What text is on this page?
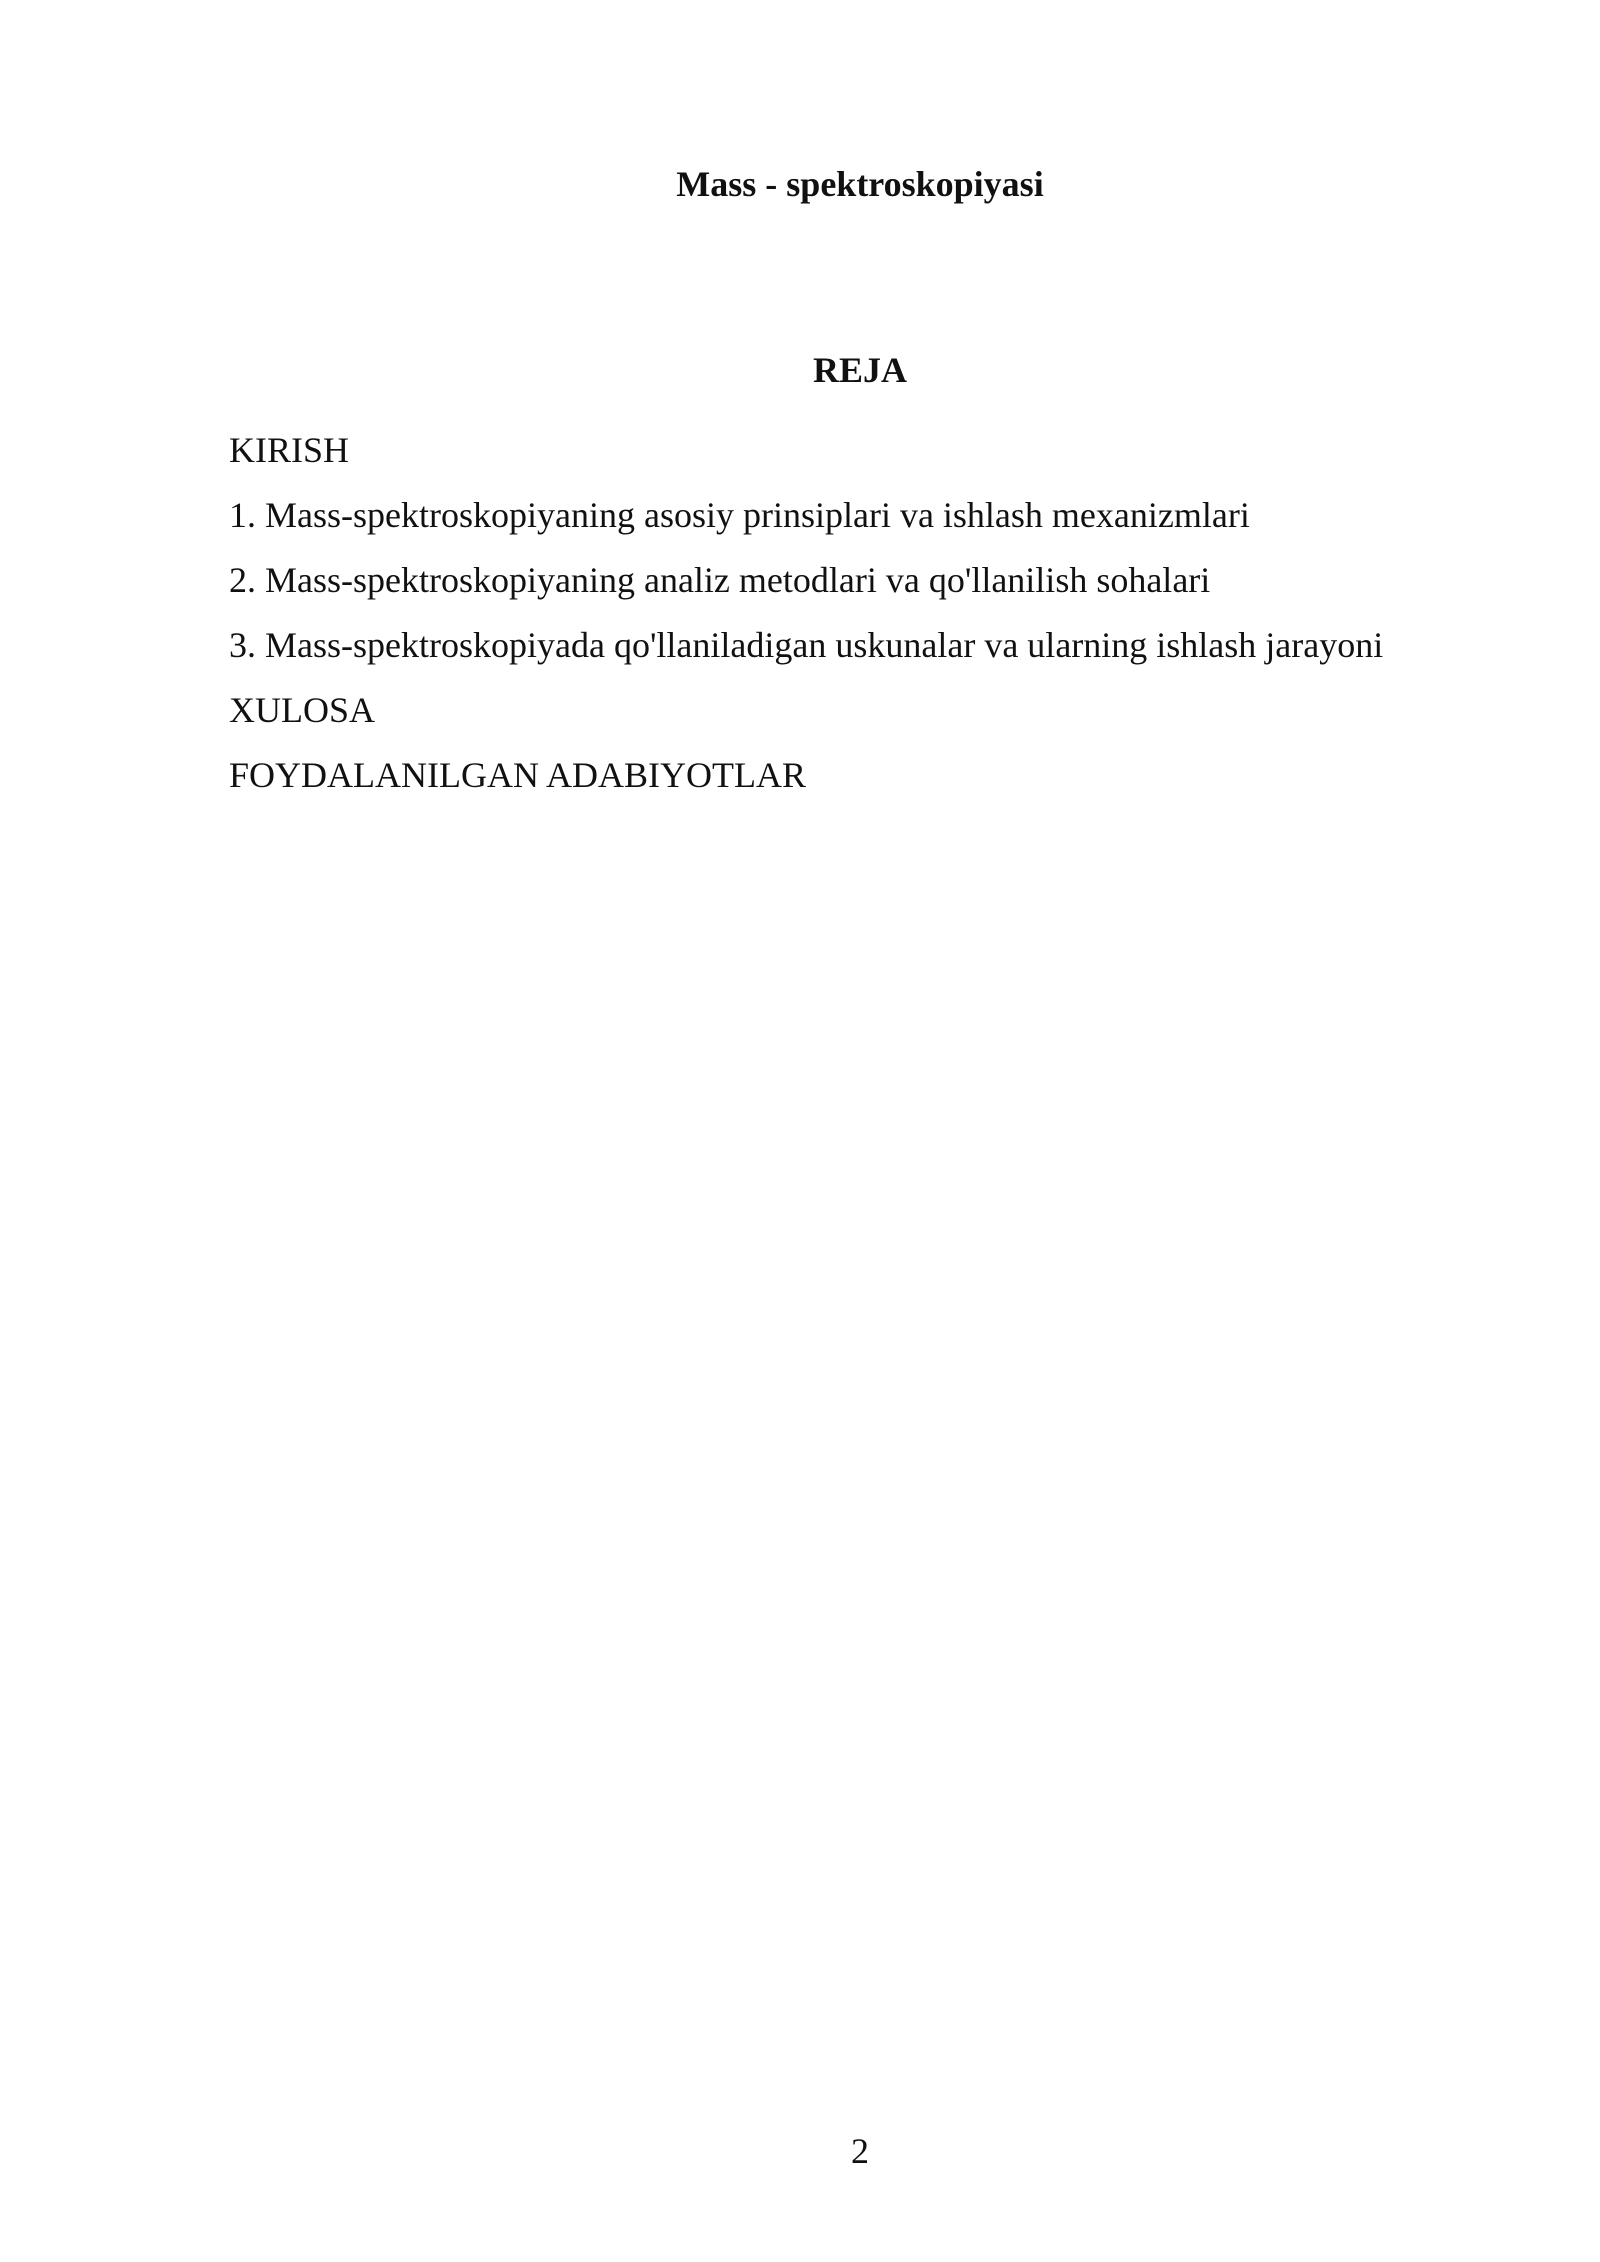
Mass - spektroskopiyasi
REJA
KIRISH
1. Mass-spektroskopiyaning asosiy prinsiplari va ishlash mexanizmlari
2. Mass-spektroskopiyaning analiz metodlari va qo'llanilish sohalari
3. Mass-spektroskopiyada qo'llaniladigan uskunalar va ularning ishlash jarayoni
XULOSA
FOYDALANILGAN ADABIYOTLAR
2
